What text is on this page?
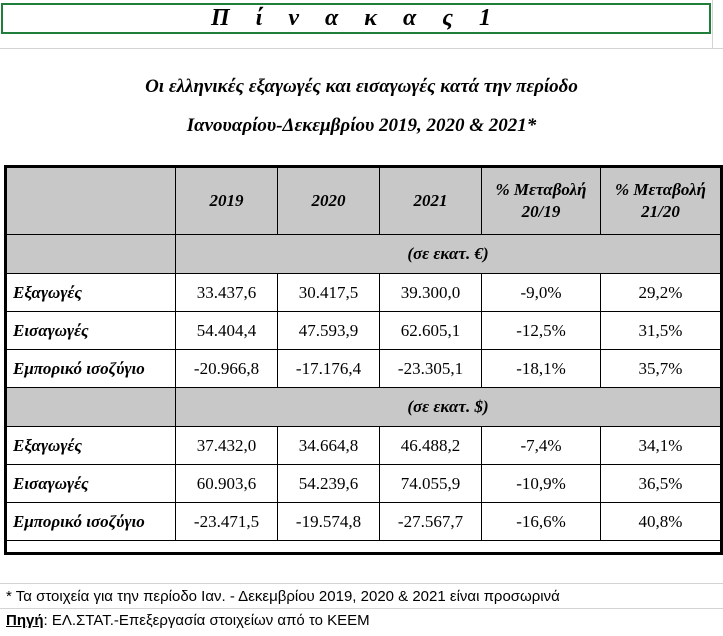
Π ί ν α κ α ς 1
Οι ελληνικές εξαγωγές και εισαγωγές κατά την περίοδο
Ιανουαρίου-Δεκεμβρίου 2019, 2020 & 2021*
	2019	2020	2021	% Μεταβολή 20/19	% Μεταβολή 21/20
	(σε εκατ. €)				
Εξαγωγές	33.437,6	30.417,5	39.300,0	-9,0%	29,2%
Εισαγωγές	54.404,4	47.593,9	62.605,1	-12,5%	31,5%
Εμπορικό ισοζύγιο	-20.966,8	-17.176,4	-23.305,1	-18,1%	35,7%
	(σε εκατ. $)				
Εξαγωγές	37.432,0	34.664,8	46.488,2	-7,4%	34,1%
Εισαγωγές	60.903,6	54.239,6	74.055,9	-10,9%	36,5%
Εμπορικό ισοζύγιο	-23.471,5	-19.574,8	-27.567,7	-16,6%	40,8%

* Τα στοιχεία για την περίοδο Ιαν. - Δεκεμβρίου 2019, 2020 & 2021 είναι προσωρινά
Πηγή: ΕΛ.ΣΤΑΤ.-Επεξεργασία στοιχείων από το ΚΕΕΜ
